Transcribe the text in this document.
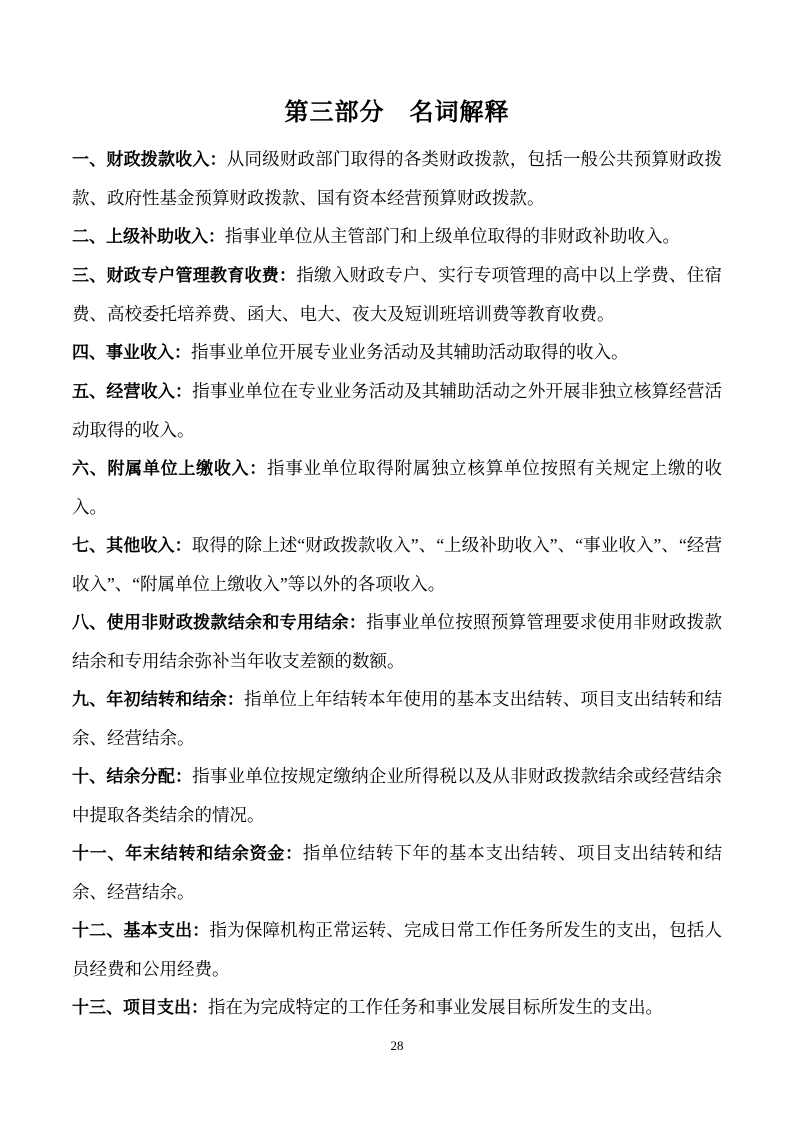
第三部分　名词解释

一、财政拨款收入：从同级财政部门取得的各类财政拨款，包括一般公共预算财政拨款、政府性基金预算财政拨款、国有资本经营预算财政拨款。

二、上级补助收入：指事业单位从主管部门和上级单位取得的非财政补助收入。

三、财政专户管理教育收费：指缴入财政专户、实行专项管理的高中以上学费、住宿费、高校委托培养费、函大、电大、夜大及短训班培训费等教育收费。

四、事业收入：指事业单位开展专业业务活动及其辅助活动取得的收入。

五、经营收入：指事业单位在专业业务活动及其辅助活动之外开展非独立核算经营活动取得的收入。

六、附属单位上缴收入：指事业单位取得附属独立核算单位按照有关规定上缴的收入。

七、其他收入：取得的除上述“财政拨款收入”、“上级补助收入”、“事业收入”、“经营收入”、“附属单位上缴收入”等以外的各项收入。

八、使用非财政拨款结余和专用结余：指事业单位按照预算管理要求使用非财政拨款结余和专用结余弥补当年收支差额的数额。

九、年初结转和结余：指单位上年结转本年使用的基本支出结转、项目支出结转和结余、经营结余。

十、结余分配：指事业单位按规定缴纳企业所得税以及从非财政拨款结余或经营结余中提取各类结余的情况。

十一、年末结转和结余资金：指单位结转下年的基本支出结转、项目支出结转和结余、经营结余。

十二、基本支出：指为保障机构正常运转、完成日常工作任务所发生的支出，包括人员经费和公用经费。

十三、项目支出：指在为完成特定的工作任务和事业发展目标所发生的支出。

28
